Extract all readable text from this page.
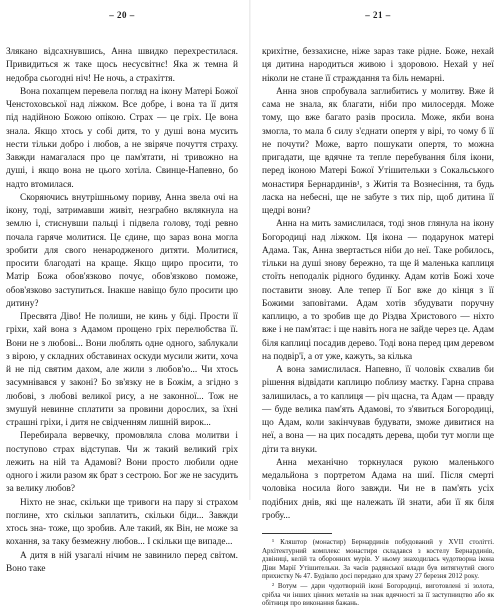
– 20 –

Злякано відсахнувшись, Анна швидко перехрестилася. Привидиться ж таке щось несусвітнє! Яка ж темна й недобра сьогодні ніч! Не ночь, а страхіття.

Вона похапцем перевела погляд на ікону Матері Божої Ченстоховської над ліжком. Все добре, і вона та її дитя під надійною Божою опікою. Страх — це гріх. Це вона знала. Якщо хтось у собі дитя, то у душі вона мусить нести тільки добро і любов, а не звіряче почуття страху. Завжди намагалася про це пам'ятати, ні тривожно на душі, і якщо вона не цього хотіла. Свинце-Напевно, бо надто втомилася.

Скоряючись внутрішньому пориву, Анна звела очі на ікону, тоді, затримавши живіт, незграбно вклякнула на землю і, стиснувши пальці і підвела голову, тоді ревно почала гаряче молитися. Це єдине, що зараз вона могла зробити для свого ненародженого дитяти. Молитися, просити благодаті на краще. Якщо щиро просити, то Матір Божа обов'язково почує, обов'язково поможе, обов'язково заступиться. Інакше навіщо було просити цю дитину?

Пресвята Діво! Не полиши, не кинь у біді. Прости її гріхи, хай вона з Адамом прощено гріх перелюбства її. Вони не з любові... Вони люблять одне одного, заблукали з вірою, у складних обставинах оскуди мусили жити, хоча й не під святим дахом, але жили з любов'ю... Чи хтось засумнівався у законі? Бо зв'язку не в Божім, а згідно з любові, з любові великої рису, а не законної... Тож не змушуй невинне сплатити за провини дорослих, за їхні страшні гріхи, і дитя не свідченням лишній вирок...

Перебирала вервечку, промовляла слова молитви і поступово страх відступав. Чи ж такий великий гріх лежить на ній та Адамові? Вони просто любили одне одного і жили разом як брат з сестрою. Бог же не засудить за велику любов?

Ніхто не знає, скільки ще тривоги на пару зі страхом поглине, хто скільки заплатить, скільки біди... Завжди хтось зна- тоже, що зробив. Але такий, як Він, не може за кохання, за таку безмежну любов... І скільки ще випаде...

А дитя в ній узагалі нічим не завинило перед світом. Воно таке

– 21 –

крихітне, беззахисне, ніже зараз таке рідне. Боже, нехай ця дитина народиться живою і здоровою. Нехай у неї ніколи не стане її страждання та біль немарні.

Анна знов спробувала заглибитись у молитву. Вже й сама не знала, як благати, ніби про милосердя. Може тому, що вже багато разів просила. Може, якби вона змогла, то мала б силу з'єднати опертя у вірі, то чому б її не почути? Може, варто пошукати опертя, то можна пригадати, ще вдячне та тепле перебування біля ікони, перед іконою Матері Божої Утішительки з Сокальського монастиря Бернардинів¹, з Житія та Вознесіння, та будь ласка на небесні, ще не забуте з тих пір, щоб дитина її щедрі вони?

Анна на мить замислилася, тоді знов глянула на ікону Богородиці над ліжком. Ця ікона — подарунок матері Адама. Так, Анна звертається ніби до неї. Таке робилось, тільки на душі знову бережно, та ще й маленька каплиця стоїть неподалік рідного будинку. Адам котів Божі хоче поставити знову. Але тепер її Бог вже до кінця з її Божими заповітами. Адам хотів збудувати поручну каплицю, а то зробив ще до Різдва Христового — ніхто вже і не пам'ятає: і ще навіть нога не зайде через це. Адам біля каплиці посадив дерево. Тоді вона перед цим деревом на подвір'ї, а от уже, кажуть, за кілька

А вона замислилася. Напевно, її чоловік схвалив би рішення відвідати каплицю поблизу маєтку. Гарна справа залишилась, а то каплиця — річ щасна, та Адам — правду — буде велика пам'ять Адамові, то з'явиться Богородиці, що Адам, коли закінчував будувати, зможе дивитися на неї, а вона — на цих посадять дерева, щоби тут могли ще діти та внуки.

Анна механічно торкнулася рукою маленького медальйона з портретом Адама на шиї. Після смерті чоловіка носила його завжди. Чи не в пам'ять усіх подібних днів, які ще належать їй знати, аби її як біля гробу...

¹ Кляштор (монастир) Бернардинів побудований у XVII столітті. Архітектурний комплекс монастиря складався з костелу Бернардинів, дзвіниці, келій та оборонних мурів. У ньому знаходилась чудотворна ікона Діви Марії Утішительки. За часів радянської влади був витягнутий свого прихистку № 47. Будівлю досі передано для храму 27 березня 2012 року.

² Вотум — дари чудотворній іконі Богородиці, виготовлені зі золота, срібла чи інших цінних металів на знак вдячності за її заступництво або як обітниця про виконання бажань.
